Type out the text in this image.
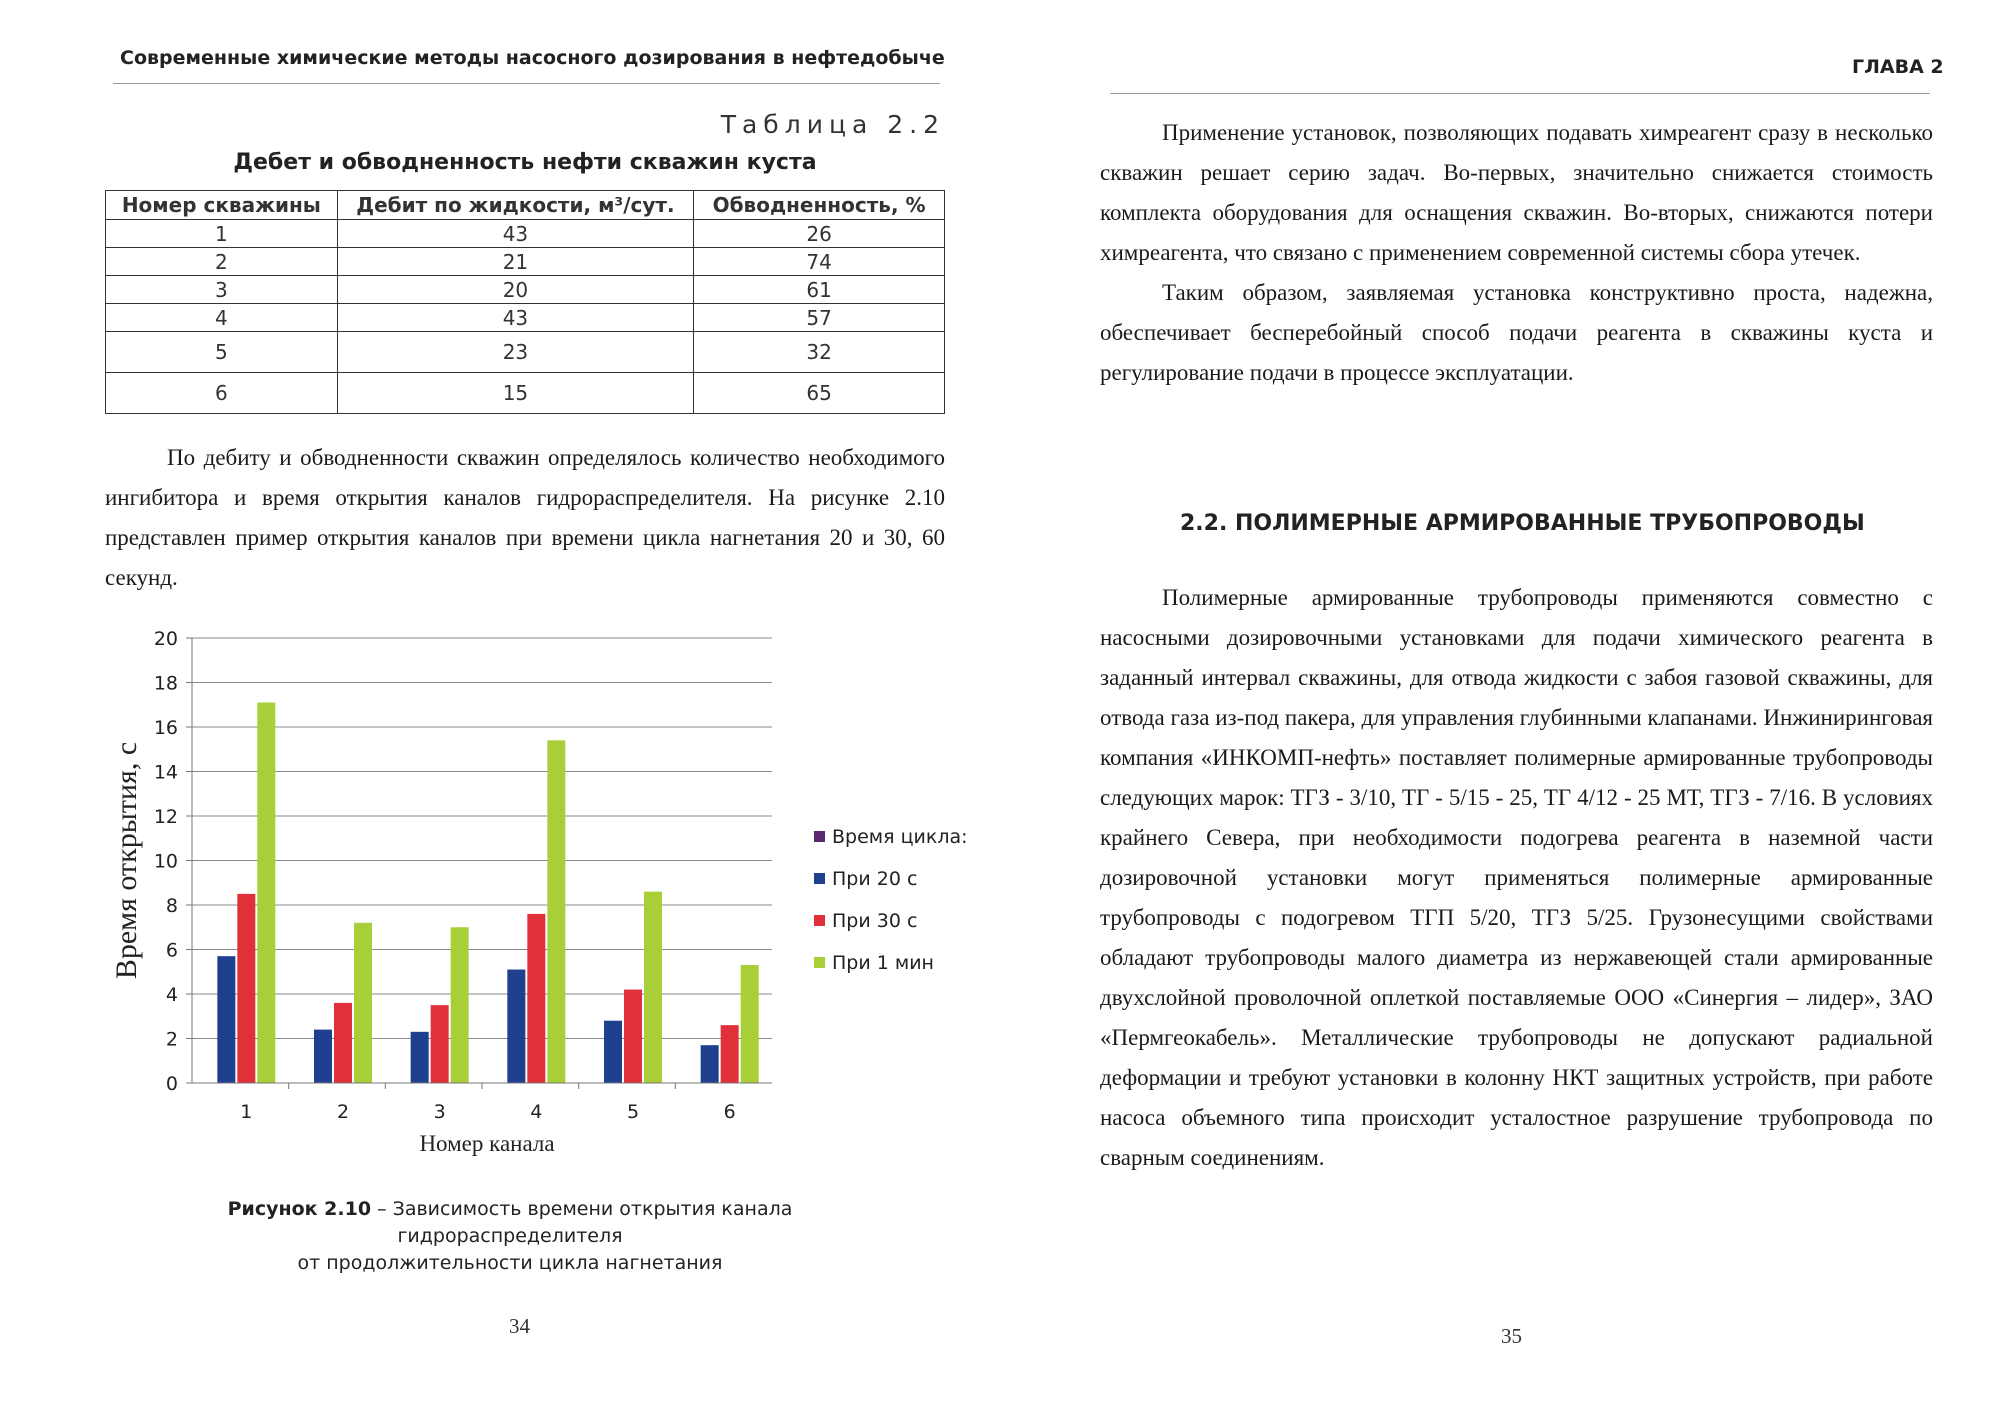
Современные химические методы насосного дозирования в нефтедобыче
Таблица 2.2
Дебет и обводненность нефти скважин куста
Номер скважины	Дебит по жидкости, м³/сут.	Обводненность, %
1	43	26
2	21	74
3	20	61
4	43	57
5	23	32
6	15	65

По дебиту и обводненности скважин определялось количество необходимого ингибитора и время открытия каналов гидрораспределителя. На рисунке 2.10 представлен пример открытия каналов при времени цикла нагнетания 20 и 30, 60 секунд.

0
2
4
6
8
10
12
14
16
18
20
1	2	3	4	5	6
Время открытия, с
Номер канала
Время цикла:
При 20 с
При 30 с
При 1 мин
Рисунок 2.10 – Зависимость времени открытия канала гидрораспределителя
от продолжительности цикла нагнетания
34
ГЛАВА 2

Применение установок, позволяющих подавать химреагент сразу в несколько скважин решает серию задач. Во-первых, значительно снижается стоимость комплекта оборудования для оснащения скважин. Во-вторых, снижаются потери химреагента, что связано с применением современной системы сбора утечек.

Таким образом, заявляемая установка конструктивно проста, надежна, обеспечивает бесперебойный способ подачи реагента в скважины куста и регулирование подачи в процессе эксплуатации.

2.2. ПОЛИМЕРНЫЕ АРМИРОВАННЫЕ ТРУБОПРОВОДЫ

Полимерные армированные трубопроводы применяются совместно с насосными дозировочными установками для подачи химического реагента в заданный интервал скважины, для отвода жидкости с забоя газовой скважины, для отвода газа из-под пакера, для управления глубинными клапанами. Инжиниринговая компания «ИНКОМП-нефть» поставляет полимерные армированные трубопроводы следующих марок: ТГЗ - 3/10, ТГ - 5/15 - 25, ТГ 4/12 - 25 МТ, ТГЗ - 7/16. В условиях крайнего Севера, при необходимости подогрева реагента в наземной части дозировочной установки могут применяться полимерные армированные трубопроводы с подогревом ТГП 5/20, ТГЗ 5/25. Грузонесущими свойствами обладают трубопроводы малого диаметра из нержавеющей стали армированные двухслойной проволочной оплеткой поставляемые ООО «Синергия – лидер», ЗАО «Пермгеокабель». Металлические трубопроводы не допускают радиальной деформации и требуют установки в колонну НКТ защитных устройств, при работе насоса объемного типа происходит усталостное разрушение трубопровода по сварным соединениям.

35
